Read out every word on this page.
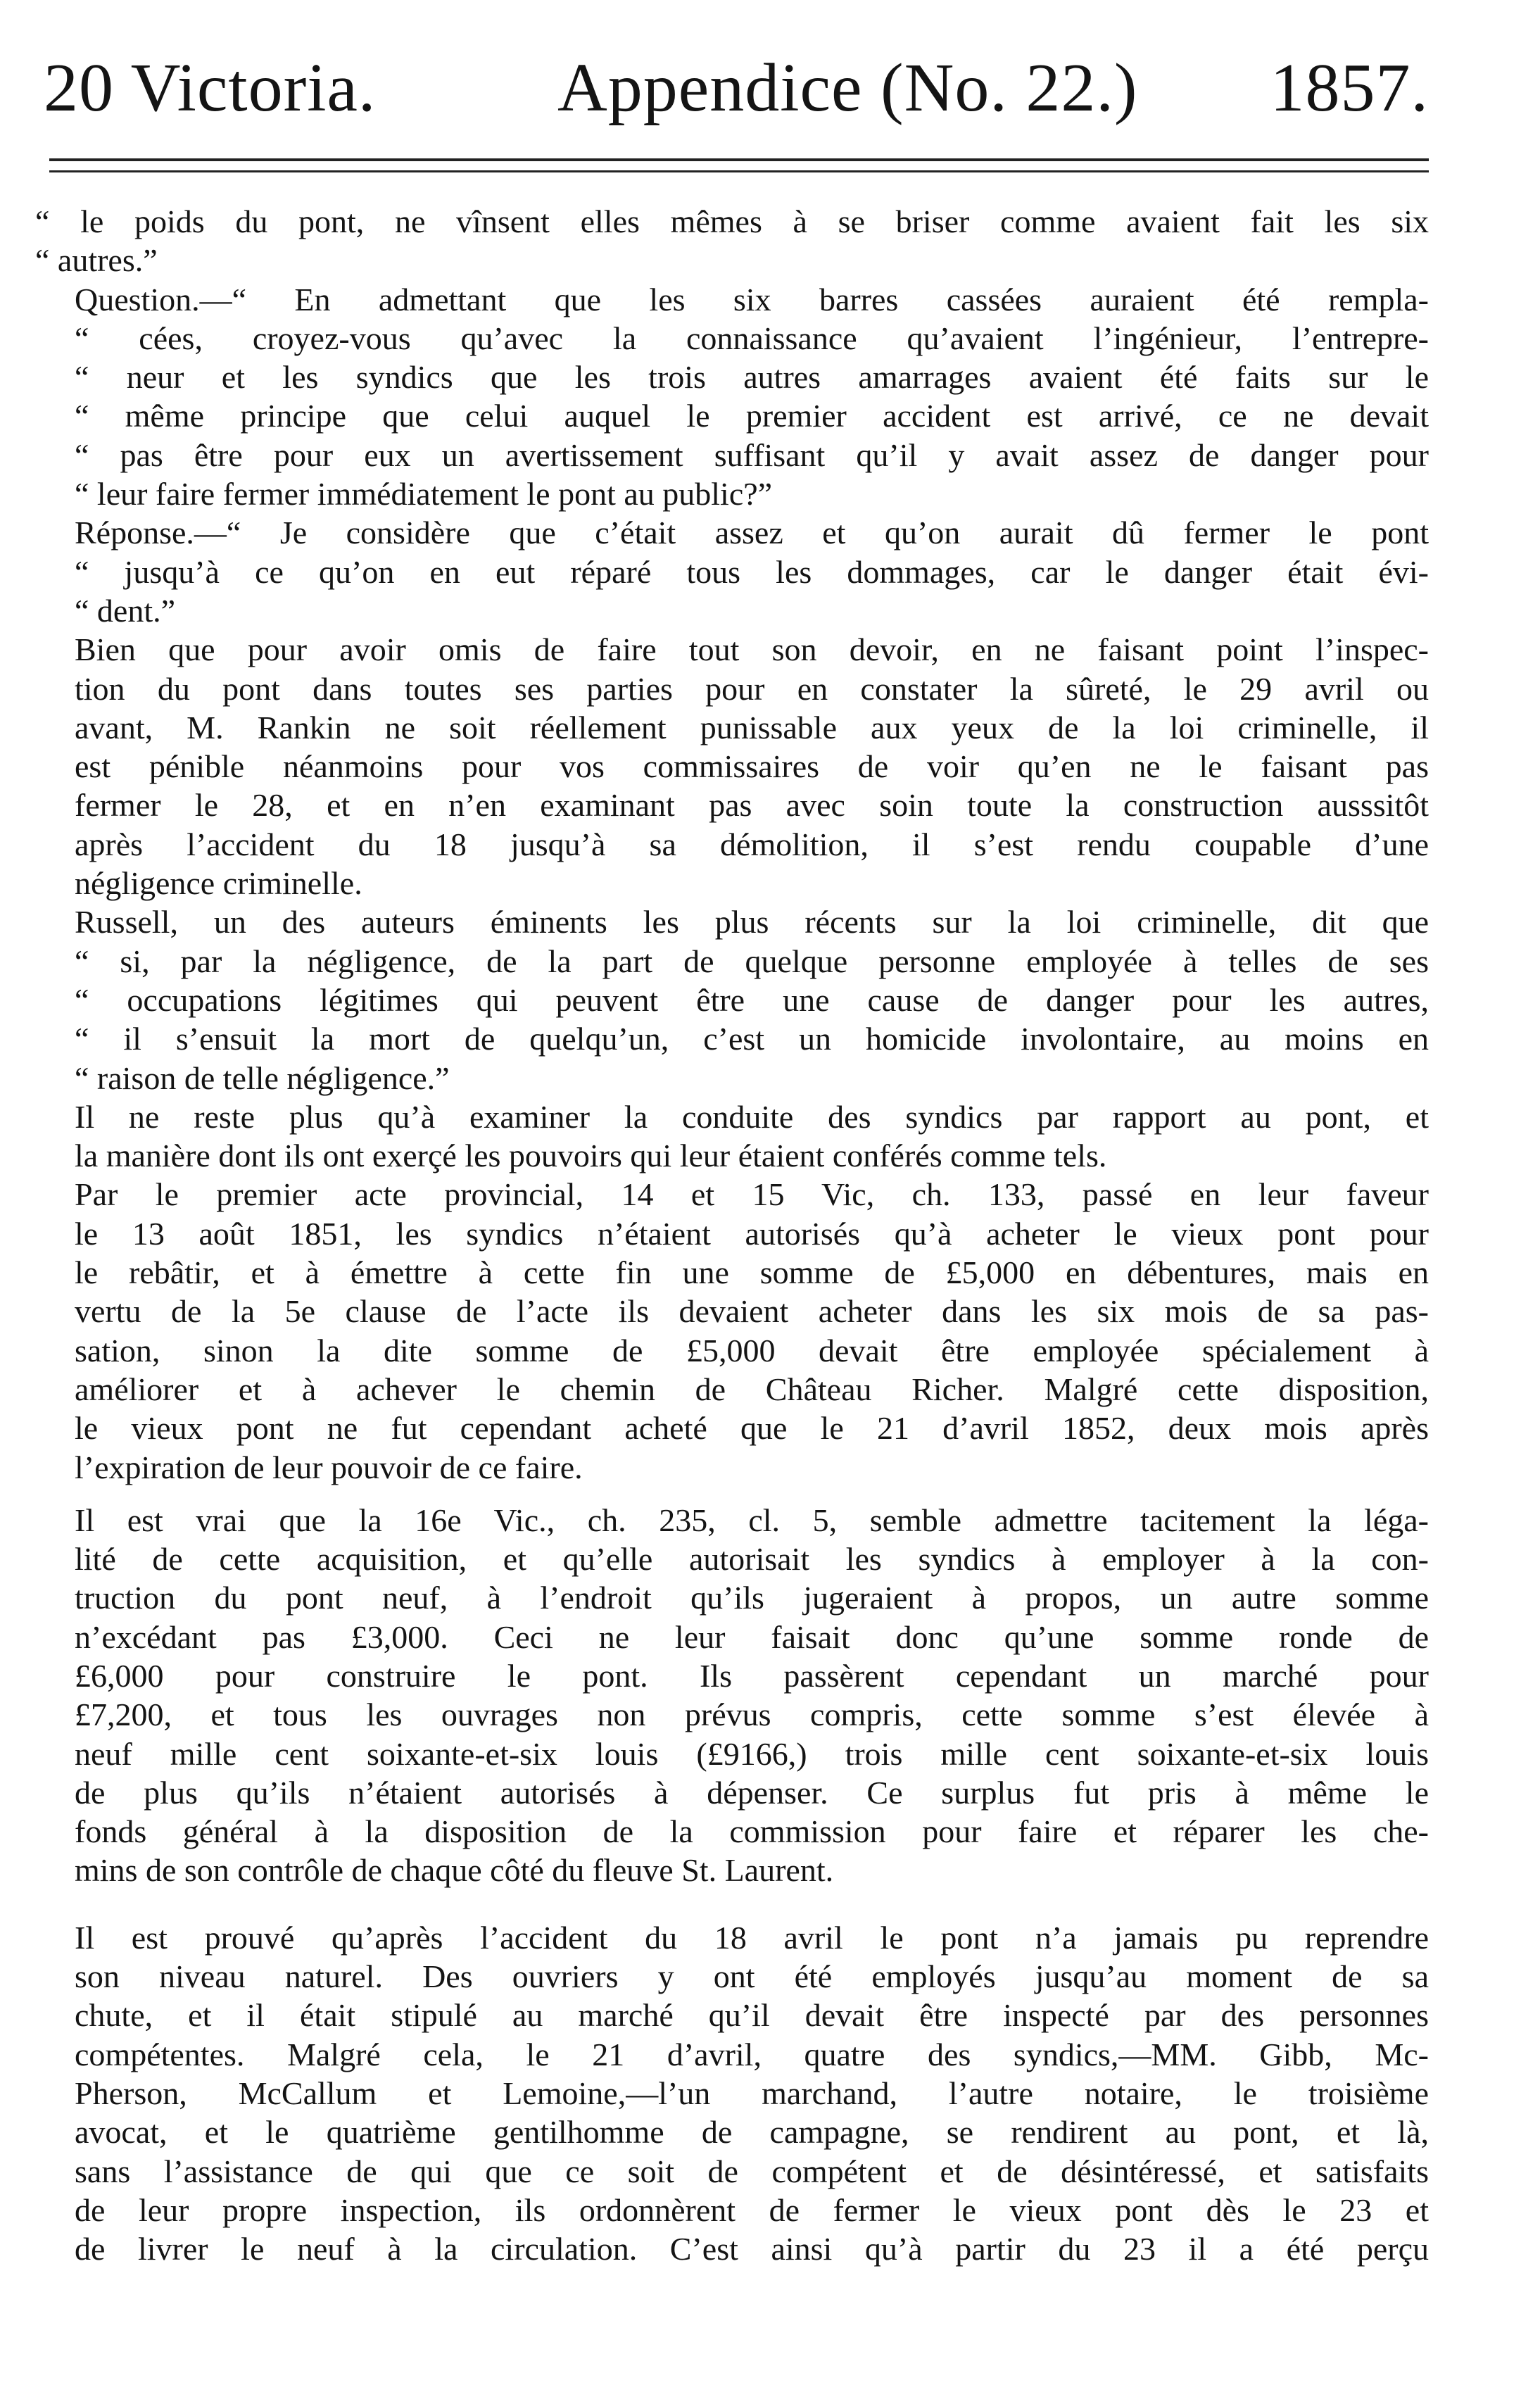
20 Victoria.	Appendice (No. 22.) 1857.

“ le poids du pont, ne vînsent elles mêmes à se briser comme avaient fait les six
“ autres.”

Question.—“ En admettant que les six barres cassées auraient été rempla-
“ cées, croyez-vous qu’avec la connaissance qu’avaient l’ingénieur, l’entrepre-
“ neur et les syndics que les trois autres amarrages avaient été faits sur le
“ même principe que celui auquel le premier accident est arrivé, ce ne devait
“ pas être pour eux un avertissement suffisant qu’il y avait assez de danger pour
“ leur faire fermer immédiatement le pont au public?”

Réponse.—“ Je considère que c’était assez et qu’on aurait dû fermer le pont
“ jusqu’à ce qu’on en eut réparé tous les dommages, car le danger était évi-
“ dent.”

Bien que pour avoir omis de faire tout son devoir, en ne faisant point l’inspec-
tion du pont dans toutes ses parties pour en constater la sûreté, le 29 avril ou
avant, M. Rankin ne soit réellement punissable aux yeux de la loi criminelle, il
est pénible néanmoins pour vos commissaires de voir qu’en ne le faisant pas
fermer le 28, et en n’en examinant pas avec soin toute la construction ausssitôt
après l’accident du 18 jusqu’à sa démolition, il s’est rendu coupable d’une
négligence criminelle.

Russell, un des auteurs éminents les plus récents sur la loi criminelle, dit que
“ si, par la négligence, de la part de quelque personne employée à telles de ses
“ occupations légitimes qui peuvent être une cause de danger pour les autres,
“ il s’ensuit la mort de quelqu’un, c’est un homicide involontaire, au moins en
“ raison de telle négligence.”

Il ne reste plus qu’à examiner la conduite des syndics par rapport au pont, et
la manière dont ils ont exerçé les pouvoirs qui leur étaient conférés comme tels.

Par le premier acte provincial, 14 et 15 Vic, ch. 133, passé en leur faveur
le 13 août 1851, les syndics n’étaient autorisés qu’à acheter le vieux pont pour
le rebâtir, et à émettre à cette fin une somme de £5,000 en débentures, mais en
vertu de la 5e clause de l’acte ils devaient acheter dans les six mois de sa pas-
sation, sinon la dite somme de £5,000 devait être employée spécialement à
améliorer et à achever le chemin de Château Richer. Malgré cette disposition,
le vieux pont ne fut cependant acheté que le 21 d’avril 1852, deux mois après
l’expiration de leur pouvoir de ce faire.

Il est vrai que la 16e Vic., ch. 235, cl. 5, semble admettre tacitement la léga-
lité de cette acquisition, et qu’elle autorisait les syndics à employer à la con-
truction du pont neuf, à l’endroit qu’ils jugeraient à propos, un autre somme
n’excédant pas £3,000. Ceci ne leur faisait donc qu’une somme ronde de
£6,000 pour construire le pont. Ils passèrent cependant un marché pour
£7,200, et tous les ouvrages non prévus compris, cette somme s’est élevée à
neuf mille cent soixante-et-six louis (£9166,) trois mille cent soixante-et-six louis
de plus qu’ils n’étaient autorisés à dépenser. Ce surplus fut pris à même le
fonds général à la disposition de la commission pour faire et réparer les che-
mins de son contrôle de chaque côté du fleuve St. Laurent.

Il est prouvé qu’après l’accident du 18 avril le pont n’a jamais pu reprendre
son niveau naturel. Des ouvriers y ont été employés jusqu’au moment de sa
chute, et il était stipulé au marché qu’il devait être inspecté par des personnes
compétentes. Malgré cela, le 21 d’avril, quatre des syndics,—MM. Gibb, Mc-
Pherson, McCallum et Lemoine,—l’un marchand, l’autre notaire, le troisième
avocat, et le quatrième gentilhomme de campagne, se rendirent au pont, et là,
sans l’assistance de qui que ce soit de compétent et de désintéressé, et satisfaits
de leur propre inspection, ils ordonnèrent de fermer le vieux pont dès le 23 et
de livrer le neuf à la circulation. C’est ainsi qu’à partir du 23 il a été perçu
